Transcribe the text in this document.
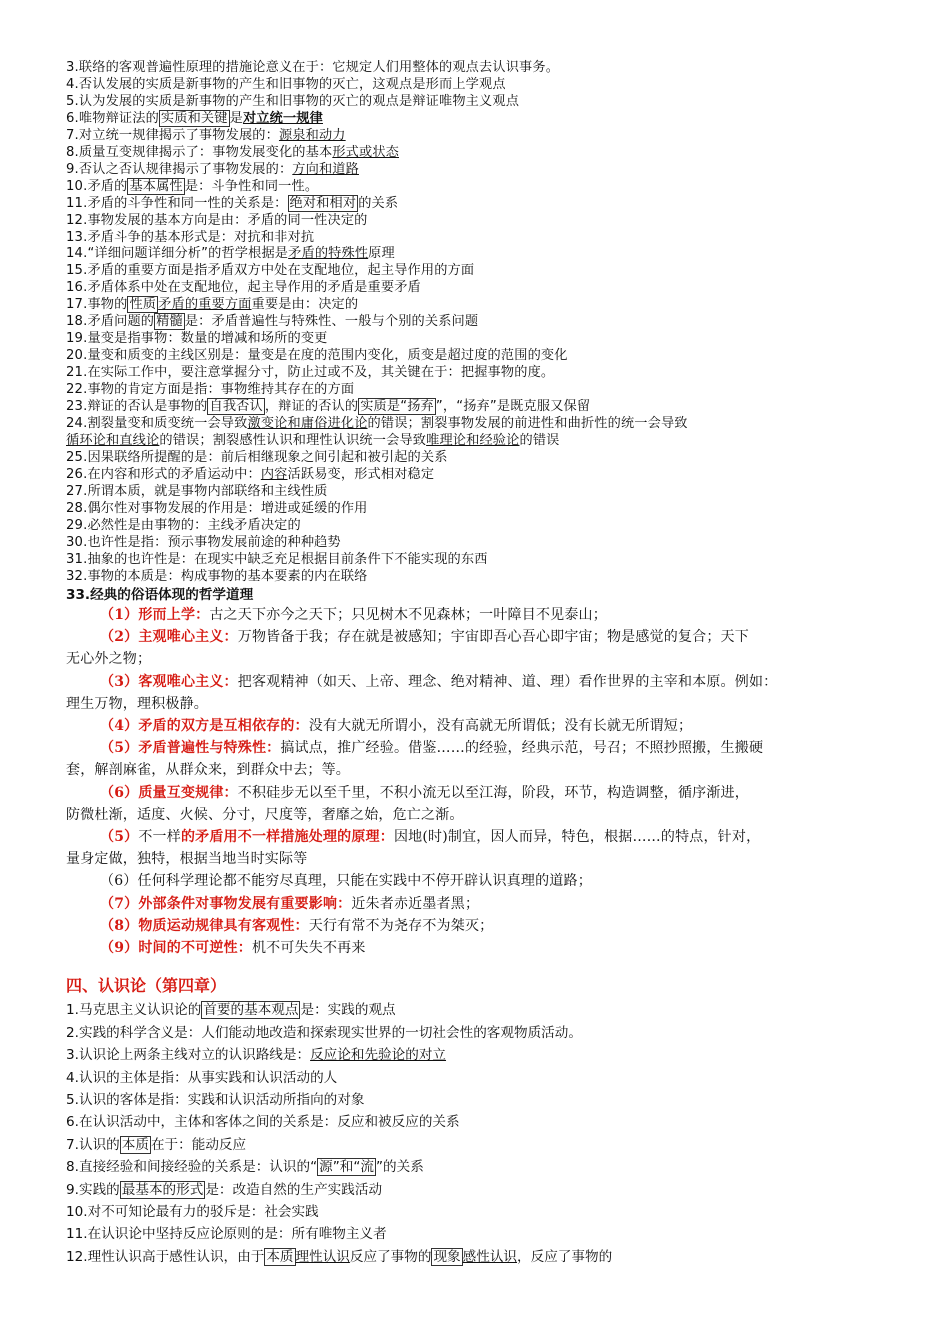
3.联络的客观普遍性原理的措施论意义在于：它规定人们用整体的观点去认识事务。
4.否认发展的实质是新事物的产生和旧事物的灭亡，这观点是形而上学观点
5.认为发展的实质是新事物的产生和旧事物的灭亡的观点是辩证唯物主义观点
6.唯物辩证法的 实质和关键 是对立统一规律
7.对立统一规律揭示了事物发展的：源泉和动力
8.质量互变规律揭示了：事物发展变化的基本形式或状态
9.否认之否认规律揭示了事物发展的：方向和道路
10.矛盾的 基本属性 是：斗争性和同一性。
11.矛盾的斗争性和同一性的关系是： 绝对和相对 的关系
12.事物发展的基本方向是由：矛盾的同一性决定的
13.矛盾斗争的基本形式是：对抗和非对抗
14.“详细问题详细分析”的哲学根据是矛盾的特殊性原理
15.矛盾的重要方面是指矛盾双方中处在支配地位，起主导作用的方面
16.矛盾体系中处在支配地位，起主导作用的矛盾是重要矛盾
17.事物的 性质 矛盾的重要方面重要是由：决定的
18.矛盾问题的 精髓 是：矛盾普遍性与特殊性、一般与个别的关系问题
19.量变是指事物：数量的增减和场所的变更
20.量变和质变的主线区别是：量变是在度的范围内变化，质变是超过度的范围的变化
21.在实际工作中，要注意掌握分寸，防止过或不及，其关键在于：把握事物的度。
22.事物的肯定方面是指：事物维持其存在的方面
23.辩证的否认是事物的 自我否认 ，辩证的否认的 实质是“扬弃 ”，“扬弃”是既克服又保留
24.割裂量变和质变统一会导致激变论和庸俗进化论的错误；割裂事物发展的前进性和曲折性的统一会导致
循环论和直线论的错误；割裂感性认识和理性认识统一会导致唯理论和经验论的错误
25.因果联络所提醒的是：前后相继现象之间引起和被引起的关系
26.在内容和形式的矛盾运动中：内容活跃易变，形式相对稳定
27.所谓本质，就是事物内部联络和主线性质
28.偶尔性对事物发展的作用是：增进或延缓的作用
29.必然性是由事物的：主线矛盾决定的
30.也许性是指：预示事物发展前途的种种趋势
31.抽象的也许性是：在现实中缺乏充足根据目前条件下不能实现的东西
32.事物的本质是：构成事物的基本要素的内在联络
33.经典的俗语体现的哲学道理
（1）形而上学：古之天下亦今之天下；只见树木不见森林；一叶障目不见泰山；
（2）主观唯心主义：万物皆备于我；存在就是被感知；宇宙即吾心吾心即宇宙；物是感觉的复合；天下
无心外之物；
（3）客观唯心主义：把客观精神（如天、上帝、理念、绝对精神、道、理）看作世界的主宰和本原。例如：
理生万物，理积极静。
（4）矛盾的双方是互相依存的：没有大就无所谓小，没有高就无所谓低；没有长就无所谓短；
（5）矛盾普遍性与特殊性：搞试点，推广经验。借鉴……的经验，经典示范，号召；不照抄照搬，生搬硬
套，解剖麻雀，从群众来，到群众中去；等。
（6）质量互变规律：不积硅步无以至千里，不积小流无以至江海，阶段，环节，构造调整，循序渐进，
防微杜渐，适度、火候、分寸，尺度等，奢靡之始，危亡之渐。
（5）不一样的矛盾用不一样措施处理的原理：因地(时)制宜，因人而异，特色，根据……的特点，针对，
量身定做，独特，根据当地当时实际等
（6）任何科学理论都不能穷尽真理，只能在实践中不停开辟认识真理的道路；
（7）外部条件对事物发展有重要影响：近朱者赤近墨者黑；
（8）物质运动规律具有客观性：天行有常不为尧存不为桀灭；
（9）时间的不可逆性：机不可失失不再来
四、认识论（第四章）
1.马克思主义认识论的 首要的基本观点 是：实践的观点
2.实践的科学含义是：人们能动地改造和探索现实世界的一切社会性的客观物质活动。
3.认识论上两条主线对立的认识路线是：反应论和先验论的对立
4.认识的主体是指：从事实践和认识活动的人
5.认识的客体是指：实践和认识活动所指向的对象
6.在认识活动中，主体和客体之间的关系是：反应和被反应的关系
7.认识的 本质 在于：能动反应
8.直接经验和间接经验的关系是：认识的“ 源”和“流 ”的关系
9.实践的 最基本的形式 是：改造自然的生产实践活动
10.对不可知论最有力的驳斥是：社会实践
11.在认识论中坚持反应论原则的是：所有唯物主义者
12.理性认识高于感性认识，由于 本质 理性认识反应了事物的 现象 感性认识，反应了事物的
